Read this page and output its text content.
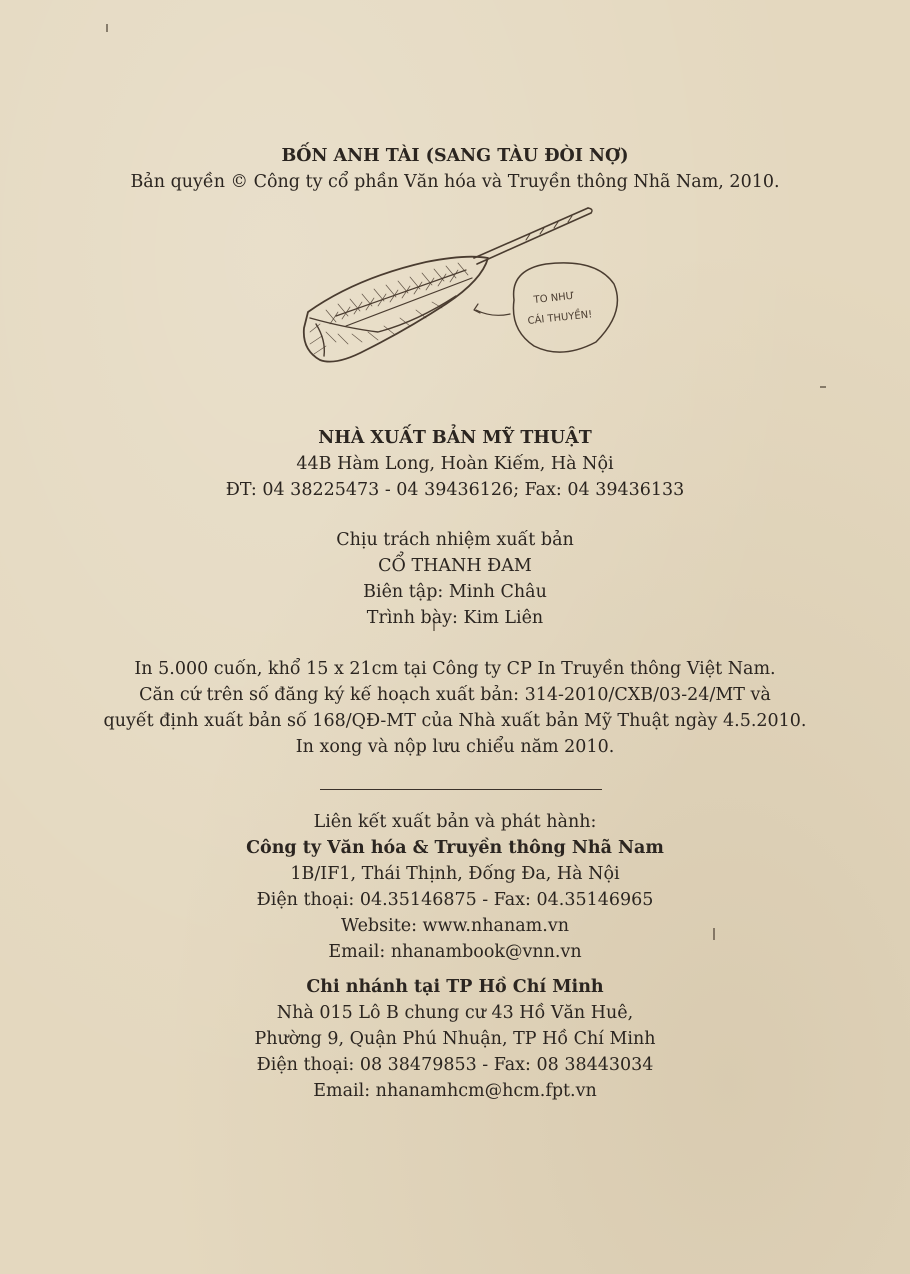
BỐN ANH TÀI (SANG TÀU ĐÒI NỢ)
Bản quyền © Công ty cổ phần Văn hóa và Truyền thông Nhã Nam, 2010.
TO NHƯ
CÁI THUYỀN!
NHÀ XUẤT BẢN MỸ THUẬT
44B Hàm Long, Hoàn Kiếm, Hà Nội
ĐT: 04 38225473 - 04 39436126; Fax: 04 39436133
Chịu trách nhiệm xuất bản
CỔ THANH ĐAM
Biên tập: Minh Châu
Trình bày: Kim Liên
In 5.000 cuốn, khổ 15 x 21cm tại Công ty CP In Truyền thông Việt Nam.
Căn cứ trên số đăng ký kế hoạch xuất bản: 314-2010/CXB/03-24/MT và
quyết định xuất bản số 168/QĐ-MT của Nhà xuất bản Mỹ Thuật ngày 4.5.2010.
In xong và nộp lưu chiểu năm 2010.
Liên kết xuất bản và phát hành:
Công ty Văn hóa & Truyền thông Nhã Nam
1B/IF1, Thái Thịnh, Đống Đa, Hà Nội
Điện thoại: 04.35146875 - Fax: 04.35146965
Website: www.nhanam.vn
Email: nhanambook@vnn.vn
Chi nhánh tại TP Hồ Chí Minh
Nhà 015 Lô B chung cư 43 Hồ Văn Huê,
Phường 9, Quận Phú Nhuận, TP Hồ Chí Minh
Điện thoại: 08 38479853 - Fax: 08 38443034
Email: nhanamhcm@hcm.fpt.vn
